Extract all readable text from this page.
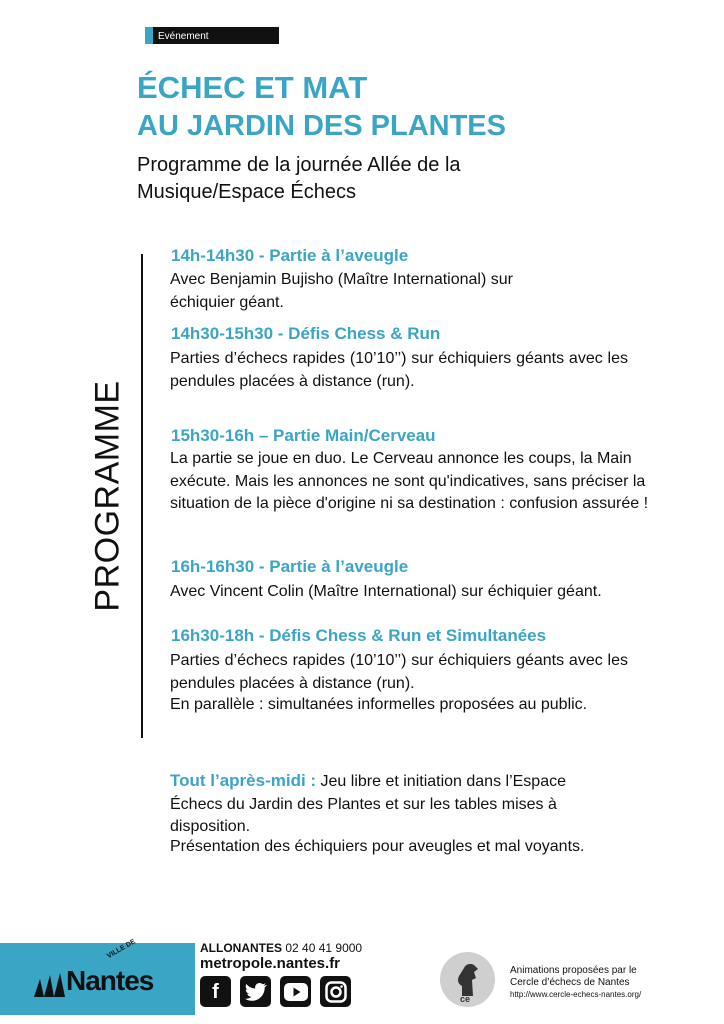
Evénement
ÉCHEC ET MAT
AU JARDIN DES PLANTES
Programme de la journée Allée de la Musique/Espace Échecs
PROGRAMME
14h-14h30 - Partie à l’aveugle
Avec Benjamin Bujisho (Maître International) sur échiquier géant.
14h30-15h30 - Défis Chess & Run
Parties d’échecs rapides (10’10’’) sur échiquiers géants avec les pendules placées à distance (run).
15h30-16h – Partie Main/Cerveau
La partie se joue en duo. Le Cerveau annonce les coups, la Main exécute. Mais les annonces ne sont qu'indicatives, sans préciser la situation de la pièce d'origine ni sa destination : confusion assurée !
16h-16h30 - Partie à l’aveugle
Avec Vincent Colin (Maître International) sur échiquier géant.
16h30-18h - Défis Chess & Run et Simultanées
Parties d’échecs rapides (10’10’’) sur échiquiers géants avec les pendules placées à distance (run).
En parallèle : simultanées informelles proposées au public.
Tout l’après-midi : Jeu libre et initiation dans l’Espace Échecs du Jardin des Plantes et sur les tables mises à disposition.
Présentation des échiquiers pour aveugles et mal voyants.
VILLE DE
Nantes
ALLONANTES 02 40 41 9000
metropole.nantes.fr
f	ce
Animations proposées par le
Cercle d’échecs de Nantes
http://www.cercle-echecs-nantes.org/
